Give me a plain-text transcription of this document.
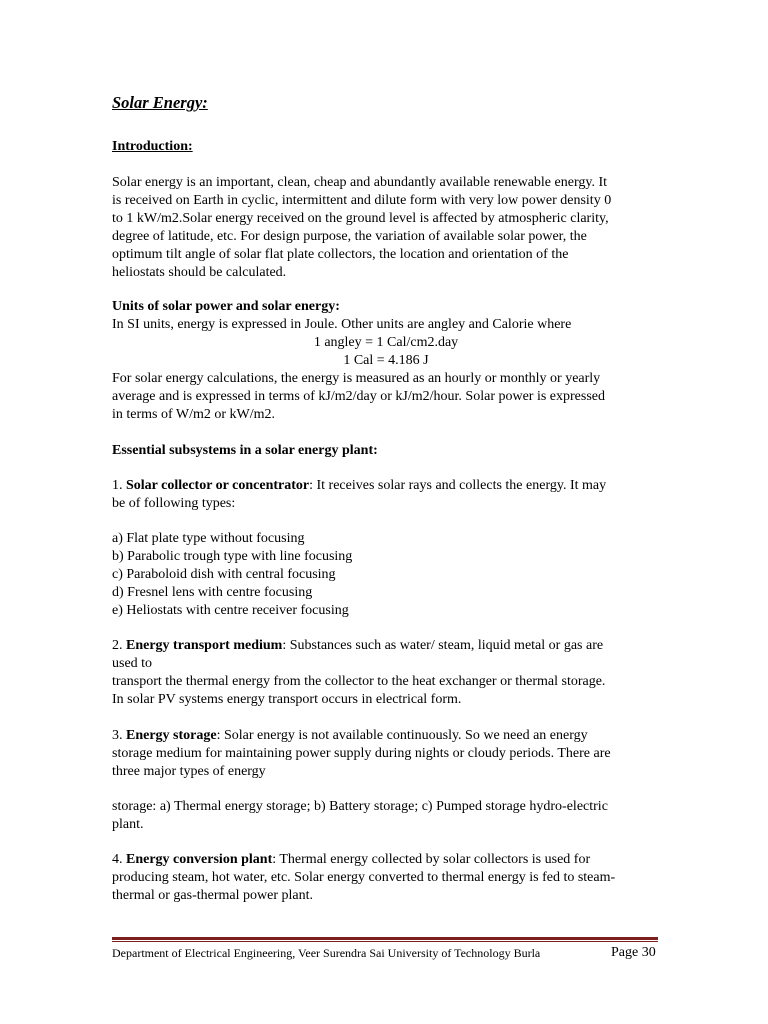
Solar Energy:
Introduction:
Solar energy is an important, clean, cheap and abundantly available renewable energy. It
is received on Earth in cyclic, intermittent and dilute form with very low power density 0
to 1 kW/m2.Solar energy received on the ground level is affected by atmospheric clarity,
degree of latitude, etc. For design purpose, the variation of available solar power, the
optimum tilt angle of solar flat plate collectors, the location and orientation of the
heliostats should be calculated.
Units of solar power and solar energy:
In SI units, energy is expressed in Joule. Other units are angley and Calorie where
1 angley = 1 Cal/cm2.day
1 Cal = 4.186 J
For solar energy calculations, the energy is measured as an hourly or monthly or yearly
average and is expressed in terms of kJ/m2/day or kJ/m2/hour. Solar power is expressed
in terms of W/m2 or kW/m2.
Essential subsystems in a solar energy plant:
1. Solar collector or concentrator: It receives solar rays and collects the energy. It may
be of following types:
a) Flat plate type without focusing
b) Parabolic trough type with line focusing
c) Paraboloid dish with central focusing
d) Fresnel lens with centre focusing
e) Heliostats with centre receiver focusing
2. Energy transport medium: Substances such as water/ steam, liquid metal or gas are
used to
transport the thermal energy from the collector to the heat exchanger or thermal storage.
In solar PV systems energy transport occurs in electrical form.
3. Energy storage: Solar energy is not available continuously. So we need an energy
storage medium for maintaining power supply during nights or cloudy periods. There are
three major types of energy
storage: a) Thermal energy storage; b) Battery storage; c) Pumped storage hydro-electric
plant.
4. Energy conversion plant: Thermal energy collected by solar collectors is used for
producing steam, hot water, etc. Solar energy converted to thermal energy is fed to steam-
thermal or gas-thermal power plant.
Department of Electrical Engineering, Veer Surendra Sai University of Technology Burla	Page 30
